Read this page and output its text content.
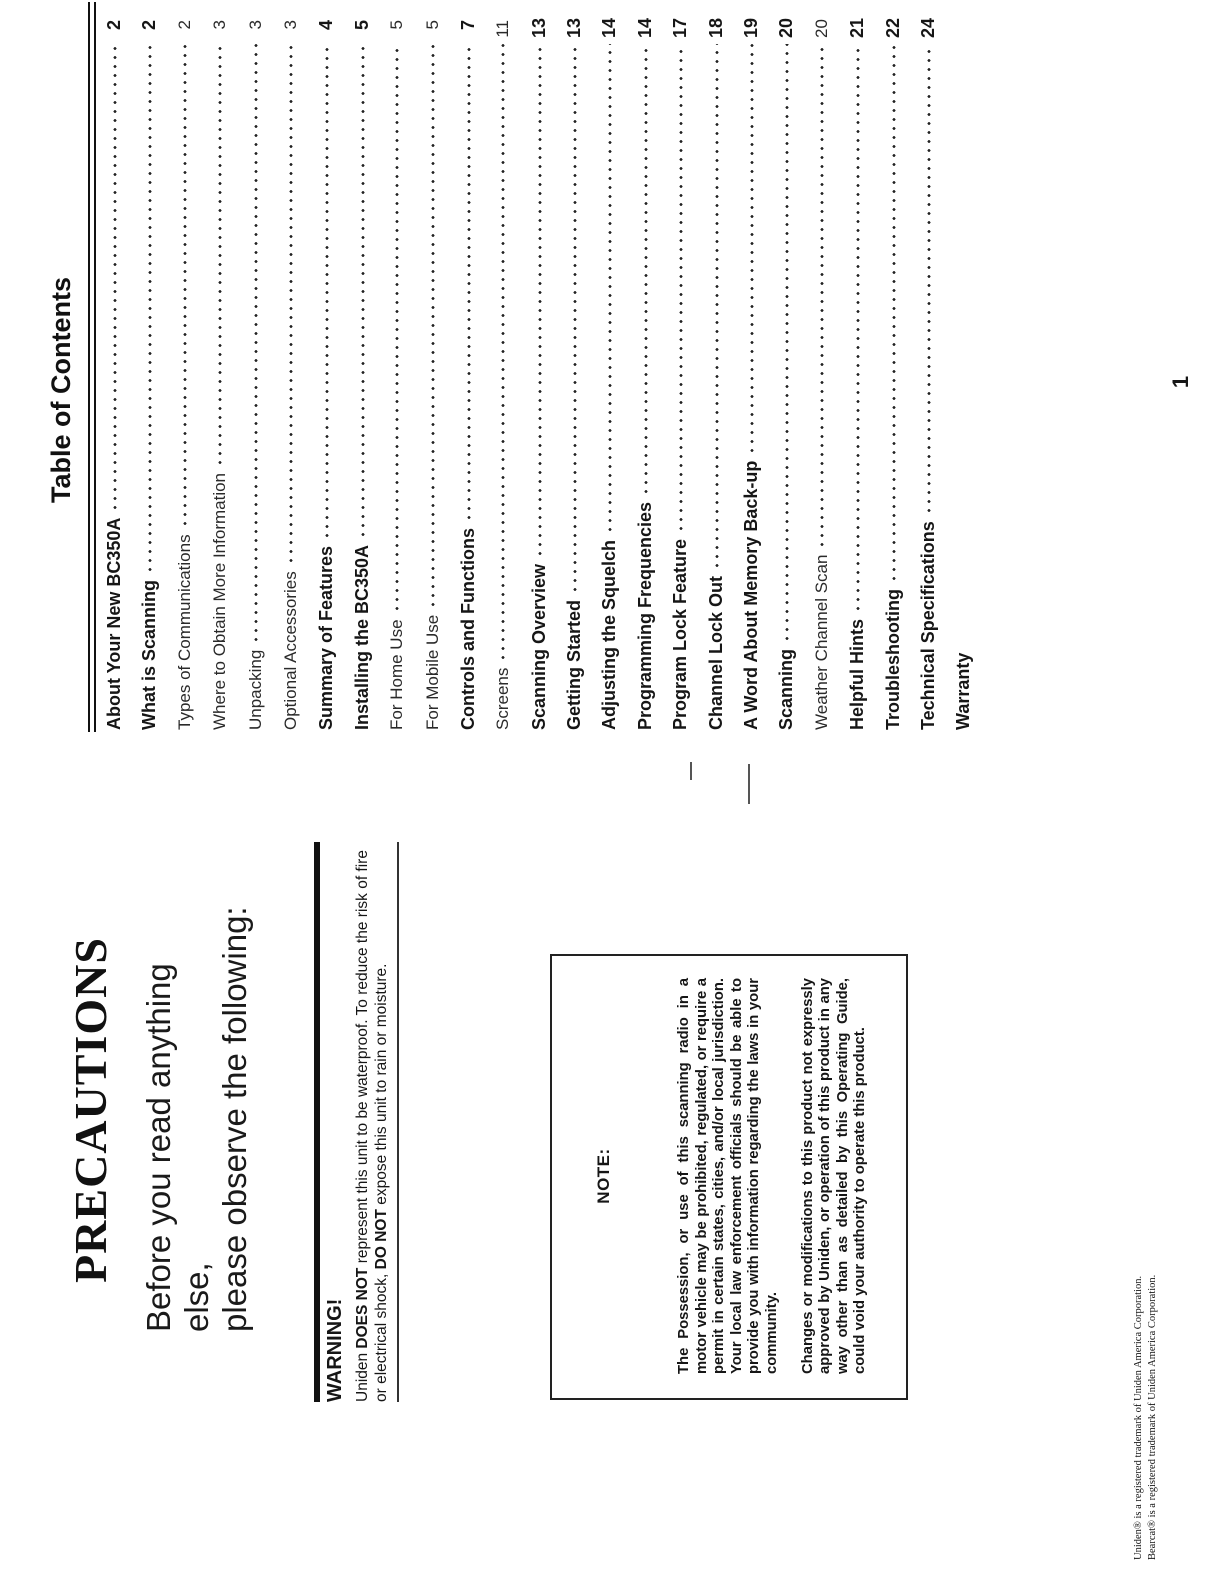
PRECAUTIONS Before you read anything else,
please observe the following:

WARNING! Uniden DOES NOT represent this unit to be waterproof. To reduce the risk of fire or electrical shock, DO NOT expose this unit to rain or moisture.	NOTE:	The Possession, or use of this scanning radio in a motor vehicle may be prohibited, regulated, or require a permit in certain states, cities, and/or local jurisdiction. Your local law enforcement officials should be able to provide you with information regarding the laws in your community. Changes or modifications to this product not expressly approved by Uniden, or operation of this product in any way other than as detailed by this Operating Guide, could void your authority to operate this product.

Uniden® is a registered trademark of Uniden America Corporation. Bearcat® is a registered trademark of Uniden America Corporation.

Table of Contents
About Your New BC350A
2
What is Scanning
2
Types of Communications
2
Where to Obtain More Information
3
Unpacking
3
Optional Accessories
3
Summary of Features
4
Installing the BC350A
5
For Home Use
5
For Mobile Use
5
Controls and Functions
7
Screens
11
Scanning Overview
13
Getting Started
13
Adjusting the Squelch
14
Programming Frequencies
14
Program Lock Feature
17
Channel Lock Out
18
A Word About Memory Back-up
19
Scanning
20
Weather Channel Scan
20
Helpful Hints
21
Troubleshooting
22
Technical Specifications
24
Warranty

1
